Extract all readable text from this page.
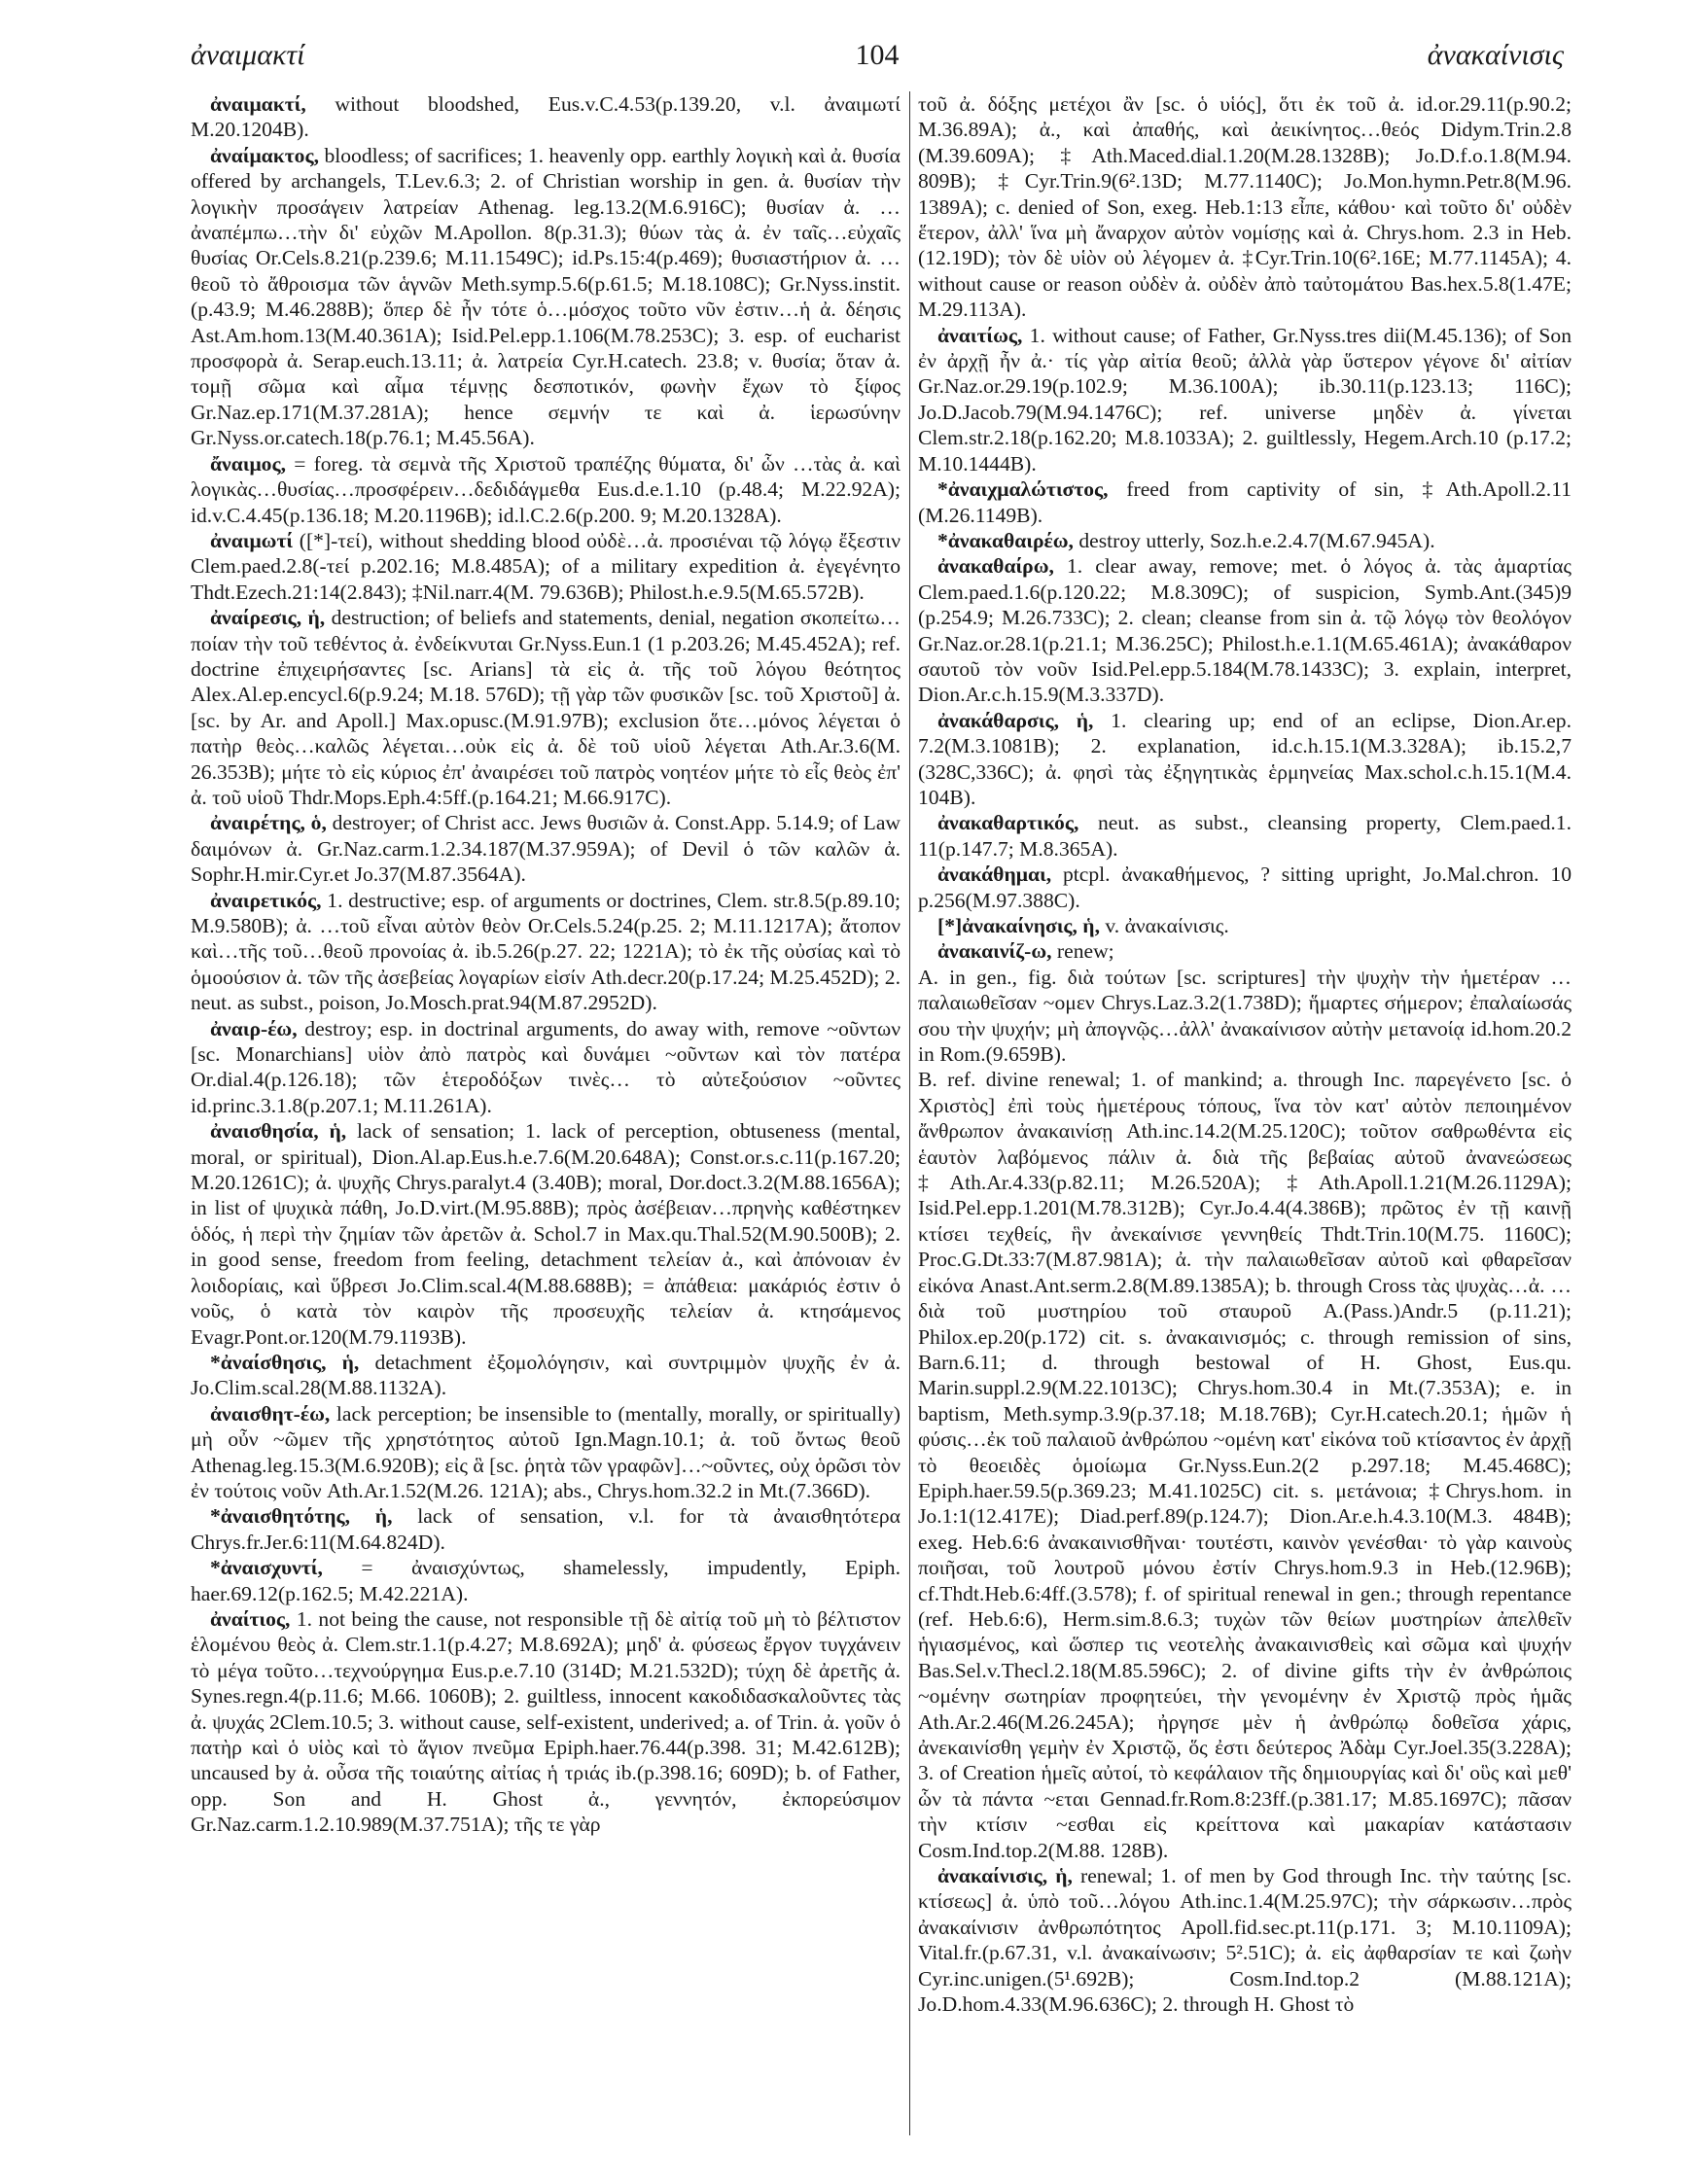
ἀναιμακτί	104	ἀνακαίνισις

ἀναιμακτί, without bloodshed, Eus.v.C.4.53(p.139.20, v.l. ἀναιμωτί M.20.1204B).

ἀναίμακτος, bloodless; of sacrifices; 1. heavenly opp. earthly λογικὴ καὶ ἀ. θυσία offered by archangels, T.Lev.6.3; 2. of Christian worship in gen. ἀ. θυσίαν τὴν λογικὴν προσάγειν λατρείαν Athenag. leg.13.2(M.6.916C); θυσίαν ἀ. … ἀναπέμπω…τὴν δι' εὐχῶν M.Apollon. 8(p.31.3); θύων τὰς ἀ. ἐν ταῖς…εὐχαῖς θυσίας Or.Cels.8.21(p.239.6; M.11.1549C); id.Ps.15:4(p.469); θυσιαστήριον ἀ. … θεοῦ τὸ ἄθροισμα τῶν ἁγνῶν Meth.symp.5.6(p.61.5; M.18.108C); Gr.Nyss.instit.(p.43.9; M.46.288B); ὅπερ δὲ ἦν τότε ὁ…μόσχος τοῦτο νῦν ἐστιν…ἡ ἀ. δέησις Ast.Am.hom.13(M.40.361A); Isid.Pel.epp.1.106(M.78.253C); 3. esp. of eucharist προσφορὰ ἀ. Serap.euch.13.11; ἀ. λατρεία Cyr.H.catech. 23.8; v. θυσία; ὅταν ἀ. τομῇ σῶμα καὶ αἷμα τέμνῃς δεσποτικόν, φωνὴν ἔχων τὸ ξίφος Gr.Naz.ep.171(M.37.281A); hence σεμνήν τε καὶ ἀ. ἱερωσύνην Gr.Nyss.or.catech.18(p.76.1; M.45.56A).

ἄναιμος, = foreg. τὰ σεμνὰ τῆς Χριστοῦ τραπέζης θύματα, δι' ὧν …τὰς ἀ. καὶ λογικὰς…θυσίας…προσφέρειν…δεδιδάγμεθα Eus.d.e.1.10 (p.48.4; M.22.92A); id.v.C.4.45(p.136.18; M.20.1196B); id.l.C.2.6(p.200. 9; M.20.1328A).

ἀναιμωτί ([*]-τεί), without shedding blood οὐδὲ…ἀ. προσιέναι τῷ λόγῳ ἔξεστιν Clem.paed.2.8(-τεί p.202.16; M.8.485A); of a military expedition ἀ. ἐγεγένητο Thdt.Ezech.21:14(2.843); ‡Nil.narr.4(M. 79.636B); Philost.h.e.9.5(M.65.572B).

ἀναίρεσις, ἡ, destruction; of beliefs and statements, denial, negation σκοπείτω…ποίαν τὴν τοῦ τεθέντος ἀ. ἐνδείκνυται Gr.Nyss.Eun.1 (1 p.203.26; M.45.452A); ref. doctrine ἐπιχειρήσαντες [sc. Arians] τὰ εἰς ἀ. τῆς τοῦ λόγου θεότητος Alex.Al.ep.encycl.6(p.9.24; M.18. 576D); τῇ γὰρ τῶν φυσικῶν [sc. τοῦ Χριστοῦ] ἀ. [sc. by Ar. and Apoll.] Max.opusc.(M.91.97B); exclusion ὅτε…μόνος λέγεται ὁ πατὴρ θεὸς…καλῶς λέγεται…οὐκ εἰς ἀ. δὲ τοῦ υἱοῦ λέγεται Ath.Ar.3.6(M. 26.353B); μήτε τὸ εἰς κύριος ἐπ' ἀναιρέσει τοῦ πατρὸς νοητέον μήτε τὸ εἷς θεὸς ἐπ' ἀ. τοῦ υἱοῦ Thdr.Mops.Eph.4:5ff.(p.164.21; M.66.917C).

ἀναιρέτης, ὁ, destroyer; of Christ acc. Jews θυσιῶν ἀ. Const.App. 5.14.9; of Law δαιμόνων ἀ. Gr.Naz.carm.1.2.34.187(M.37.959A); of Devil ὁ τῶν καλῶν ἀ. Sophr.H.mir.Cyr.et Jo.37(M.87.3564A).

ἀναιρετικός, 1. destructive; esp. of arguments or doctrines, Clem. str.8.5(p.89.10; M.9.580B); ἀ. …τοῦ εἶναι αὐτὸν θεὸν Or.Cels.5.24(p.25. 2; M.11.1217A); ἄτοπον καὶ…τῆς τοῦ…θεοῦ προνοίας ἀ. ib.5.26(p.27. 22; 1221A); τὸ ἐκ τῆς οὐσίας καὶ τὸ ὁμοούσιον ἀ. τῶν τῆς ἀσεβείας λογαρίων εἰσίν Ath.decr.20(p.17.24; M.25.452D); 2. neut. as subst., poison, Jo.Mosch.prat.94(M.87.2952D).

ἀναιρ-έω, destroy; esp. in doctrinal arguments, do away with, remove ~οῦντων [sc. Monarchians] υἱὸν ἀπὸ πατρὸς καὶ δυνάμει ~οῦντων καὶ τὸν πατέρα Or.dial.4(p.126.18); τῶν ἑτεροδόξων τινὲς… τὸ αὐτεξούσιον ~οῦντες id.princ.3.1.8(p.207.1; M.11.261A).

ἀναισθησία, ἡ, lack of sensation; 1. lack of perception, obtuseness (mental, moral, or spiritual), Dion.Al.ap.Eus.h.e.7.6(M.20.648A); Const.or.s.c.11(p.167.20; M.20.1261C); ἀ. ψυχῆς Chrys.paralyt.4 (3.40B); moral, Dor.doct.3.2(M.88.1656A); in list of ψυχικὰ πάθη, Jo.D.virt.(M.95.88B); πρὸς ἀσέβειαν…πρηνὴς καθέστηκεν ὁδός, ἡ περὶ τὴν ζημίαν τῶν ἀρετῶν ἀ. Schol.7 in Max.qu.Thal.52(M.90.500B); 2. in good sense, freedom from feeling, detachment τελείαν ἀ., καὶ ἀπόνοιαν ἐν λοιδορίαις, καὶ ὕβρεσι Jo.Clim.scal.4(M.88.688B); = ἀπάθεια: μακάριός ἐστιν ὁ νοῦς, ὁ κατὰ τὸν καιρὸν τῆς προσευχῆς τελείαν ἀ. κτησάμενος Evagr.Pont.or.120(M.79.1193B).

*ἀναίσθησις, ἡ, detachment ἐξομολόγησιν, καὶ συντριμμὸν ψυχῆς ἐν ἀ. Jo.Clim.scal.28(M.88.1132A).

ἀναισθητ-έω, lack perception; be insensible to (mentally, morally, or spiritually) μὴ οὖν ~ῶμεν τῆς χρηστότητος αὐτοῦ Ign.Magn.10.1; ἀ. τοῦ ὄντως θεοῦ Athenag.leg.15.3(M.6.920B); εἰς ἃ [sc. ῥητὰ τῶν γραφῶν]…~οῦντες, οὐχ ὁρῶσι τὸν ἐν τούτοις νοῦν Ath.Ar.1.52(M.26. 121A); abs., Chrys.hom.32.2 in Mt.(7.366D).

*ἀναισθητότης, ἡ, lack of sensation, v.l. for τὰ ἀναισθητότερα Chrys.fr.Jer.6:11(M.64.824D).

*ἀναισχυντί, = ἀναισχύντως, shamelessly, impudently, Epiph. haer.69.12(p.162.5; M.42.221A).

ἀναίτιος, 1. not being the cause, not responsible τῇ δὲ αἰτίᾳ τοῦ μὴ τὸ βέλτιστον ἑλομένου θεὸς ἀ. Clem.str.1.1(p.4.27; M.8.692A); μηδ' ἀ. φύσεως ἔργον τυγχάνειν τὸ μέγα τοῦτο…τεχνούργημα Eus.p.e.7.10 (314D; M.21.532D); τύχη δὲ ἀρετῆς ἀ. Synes.regn.4(p.11.6; M.66. 1060B); 2. guiltless, innocent κακοδιδασκαλοῦντες τὰς ἀ. ψυχάς 2Clem.10.5; 3. without cause, self-existent, underived; a. of Trin. ἀ. γοῦν ὁ πατὴρ καὶ ὁ υἱὸς καὶ τὸ ἅγιον πνεῦμα Epiph.haer.76.44(p.398. 31; M.42.612B); uncaused by ἀ. οὖσα τῆς τοιαύτης αἰτίας ἡ τριάς ib.(p.398.16; 609D); b. of Father, opp. Son and H. Ghost ἀ., γεννητόν, ἐκπορεύσιμον Gr.Naz.carm.1.2.10.989(M.37.751A); τῆς τε γὰρ

τοῦ ἀ. δόξης μετέχοι ἂν [sc. ὁ υἱός], ὅτι ἐκ τοῦ ἀ. id.or.29.11(p.90.2; M.36.89A); ἀ., καὶ ἀπαθής, καὶ ἀεικίνητος…θεός Didym.Trin.2.8 (M.39.609A); ‡Ath.Maced.dial.1.20(M.28.1328B); Jo.D.f.o.1.8(M.94. 809B); ‡Cyr.Trin.9(6².13D; M.77.1140C); Jo.Mon.hymn.Petr.8(M.96. 1389A); c. denied of Son, exeg. Heb.1:13 εἶπε, κάθου· καὶ τοῦτο δι' οὐδὲν ἕτερον, ἀλλ' ἵνα μὴ ἄναρχον αὐτὸν νομίσῃς καὶ ἀ. Chrys.hom. 2.3 in Heb.(12.19D); τὸν δὲ υἱὸν οὐ λέγομεν ἀ. ‡Cyr.Trin.10(6².16E; M.77.1145A); 4. without cause or reason οὐδὲν ἀ. οὐδὲν ἀπὸ ταὐτομάτου Bas.hex.5.8(1.47E; M.29.113A).

ἀναιτίως, 1. without cause; of Father, Gr.Nyss.tres dii(M.45.136); of Son ἐν ἀρχῇ ἦν ἀ.· τίς γὰρ αἰτία θεοῦ; ἀλλὰ γὰρ ὕστερον γέγονε δι' αἰτίαν Gr.Naz.or.29.19(p.102.9; M.36.100A); ib.30.11(p.123.13; 116C); Jo.D.Jacob.79(M.94.1476C); ref. universe μηδὲν ἀ. γίνεται Clem.str.2.18(p.162.20; M.8.1033A); 2. guiltlessly, Hegem.Arch.10 (p.17.2; M.10.1444B).

*ἀναιχμαλώτιστος, freed from captivity of sin, ‡Ath.Apoll.2.11 (M.26.1149B).

*ἀνακαθαιρέω, destroy utterly, Soz.h.e.2.4.7(M.67.945A).

ἀνακαθαίρω, 1. clear away, remove; met. ὁ λόγος ἀ. τὰς ἁμαρτίας Clem.paed.1.6(p.120.22; M.8.309C); of suspicion, Symb.Ant.(345)9 (p.254.9; M.26.733C); 2. clean; cleanse from sin ἀ. τῷ λόγῳ τὸν θεολόγον Gr.Naz.or.28.1(p.21.1; M.36.25C); Philost.h.e.1.1(M.65.461A); ἀνακάθαρον σαυτοῦ τὸν νοῦν Isid.Pel.epp.5.184(M.78.1433C); 3. explain, interpret, Dion.Ar.c.h.15.9(M.3.337D).

ἀνακάθαρσις, ἡ, 1. clearing up; end of an eclipse, Dion.Ar.ep. 7.2(M.3.1081B); 2. explanation, id.c.h.15.1(M.3.328A); ib.15.2,7 (328C,336C); ἀ. φησὶ τὰς ἐξηγητικὰς ἑρμηνείας Max.schol.c.h.15.1(M.4. 104B).

ἀνακαθαρτικός, neut. as subst., cleansing property, Clem.paed.1. 11(p.147.7; M.8.365A).

ἀνακάθημαι, ptcpl. ἀνακαθήμενος, ? sitting upright, Jo.Mal.chron. 10 p.256(M.97.388C).

[*]ἀνακαίνησις, ἡ, v. ἀνακαίνισις.

ἀνακαινίζ-ω, renew;

A. in gen., fig. διὰ τούτων [sc. scriptures] τὴν ψυχὴν τὴν ἡμετέραν …παλαιωθεῖσαν ~ομεν Chrys.Laz.3.2(1.738D); ἥμαρτες σήμερον; ἐπαλαίωσάς σου τὴν ψυχήν; μὴ ἀπογνῷς…ἀλλ' ἀνακαίνισον αὐτὴν μετανοίᾳ id.hom.20.2 in Rom.(9.659B).

B. ref. divine renewal; 1. of mankind; a. through Inc. παρεγένετο [sc. ὁ Χριστὸς] ἐπὶ τοὺς ἡμετέρους τόπους, ἵνα τὸν κατ' αὐτὸν πεποιημένον ἄνθρωπον ἀνακαινίσῃ Ath.inc.14.2(M.25.120C); τοῦτον σαθρωθέντα εἰς ἑαυτὸν λαβόμενος πάλιν ἀ. διὰ τῆς βεβαίας αὐτοῦ ἀνανεώσεως ‡Ath.Ar.4.33(p.82.11; M.26.520A); ‡Ath.Apoll.1.21(M.26.1129A); Isid.Pel.epp.1.201(M.78.312B); Cyr.Jo.4.4(4.386B); πρῶτος ἐν τῇ καινῇ κτίσει τεχθείς, ἣν ἀνεκαίνισε γεννηθείς Thdt.Trin.10(M.75. 1160C); Proc.G.Dt.33:7(M.87.981A); ἀ. τὴν παλαιωθεῖσαν αὐτοῦ καὶ φθαρεῖσαν εἰκόνα Anast.Ant.serm.2.8(M.89.1385A); b. through Cross τὰς ψυχὰς…ἀ. … διὰ τοῦ μυστηρίου τοῦ σταυροῦ A.(Pass.)Andr.5 (p.11.21); Philox.ep.20(p.172) cit. s. ἀνακαινισμός; c. through remission of sins, Barn.6.11; d. through bestowal of H. Ghost, Eus.qu. Marin.suppl.2.9(M.22.1013C); Chrys.hom.30.4 in Mt.(7.353A); e. in baptism, Meth.symp.3.9(p.37.18; M.18.76B); Cyr.H.catech.20.1; ἡμῶν ἡ φύσις…ἐκ τοῦ παλαιοῦ ἀνθρώπου ~ομένη κατ' εἰκόνα τοῦ κτίσαντος ἐν ἀρχῇ τὸ θεοειδὲς ὁμοίωμα Gr.Nyss.Eun.2(2 p.297.18; M.45.468C); Epiph.haer.59.5(p.369.23; M.41.1025C) cit. s. μετάνοια; ‡Chrys.hom. in Jo.1:1(12.417E); Diad.perf.89(p.124.7); Dion.Ar.e.h.4.3.10(M.3. 484B); exeg. Heb.6:6 ἀνακαινισθῆναι· τουτέστι, καινὸν γενέσθαι· τὸ γὰρ καινοὺς ποιῆσαι, τοῦ λουτροῦ μόνου ἐστίν Chrys.hom.9.3 in Heb.(12.96B); cf.Thdt.Heb.6:4ff.(3.578); f. of spiritual renewal in gen.; through repentance (ref. Heb.6:6), Herm.sim.8.6.3; τυχὼν τῶν θείων μυστηρίων ἀπελθεῖν ἡγιασμένος, καὶ ὥσπερ τις νεοτελὴς ἀνακαινισθεὶς καὶ σῶμα καὶ ψυχήν Bas.Sel.v.Thecl.2.18(M.85.596C); 2. of divine gifts τὴν ἐν ἀνθρώποις ~ομένην σωτηρίαν προφητεύει, τὴν γενομένην ἐν Χριστῷ πρὸς ἡμᾶς Ath.Ar.2.46(M.26.245A); ἠργησε μὲν ἡ ἀνθρώπῳ δοθεῖσα χάρις, ἀνεκαινίσθη γεμὴν ἐν Χριστῷ, ὅς ἐστι δεύτερος Ἀδὰμ Cyr.Joel.35(3.228A); 3. of Creation ἡμεῖς αὐτοί, τὸ κεφάλαιον τῆς δημιουργίας καὶ δι' οὓς καὶ μεθ' ὧν τὰ πάντα ~εται Gennad.fr.Rom.8:23ff.(p.381.17; M.85.1697C); πᾶσαν τὴν κτίσιν ~εσθαι εἰς κρείττονα καὶ μακαρίαν κατάστασιν Cosm.Ind.top.2(M.88. 128B).

ἀνακαίνισις, ἡ, renewal; 1. of men by God through Inc. τὴν ταύτης [sc. κτίσεως] ἀ. ὑπὸ τοῦ…λόγου Ath.inc.1.4(M.25.97C); τὴν σάρκωσιν…πρὸς ἀνακαίνισιν ἀνθρωπότητος Apoll.fid.sec.pt.11(p.171. 3; M.10.1109A); Vital.fr.(p.67.31, v.l. ἀνακαίνωσιν; 5².51C); ἀ. εἰς ἀφθαρσίαν τε καὶ ζωὴν Cyr.inc.unigen.(5¹.692B); Cosm.Ind.top.2 (M.88.121A); Jo.D.hom.4.33(M.96.636C); 2. through H. Ghost τὸ
